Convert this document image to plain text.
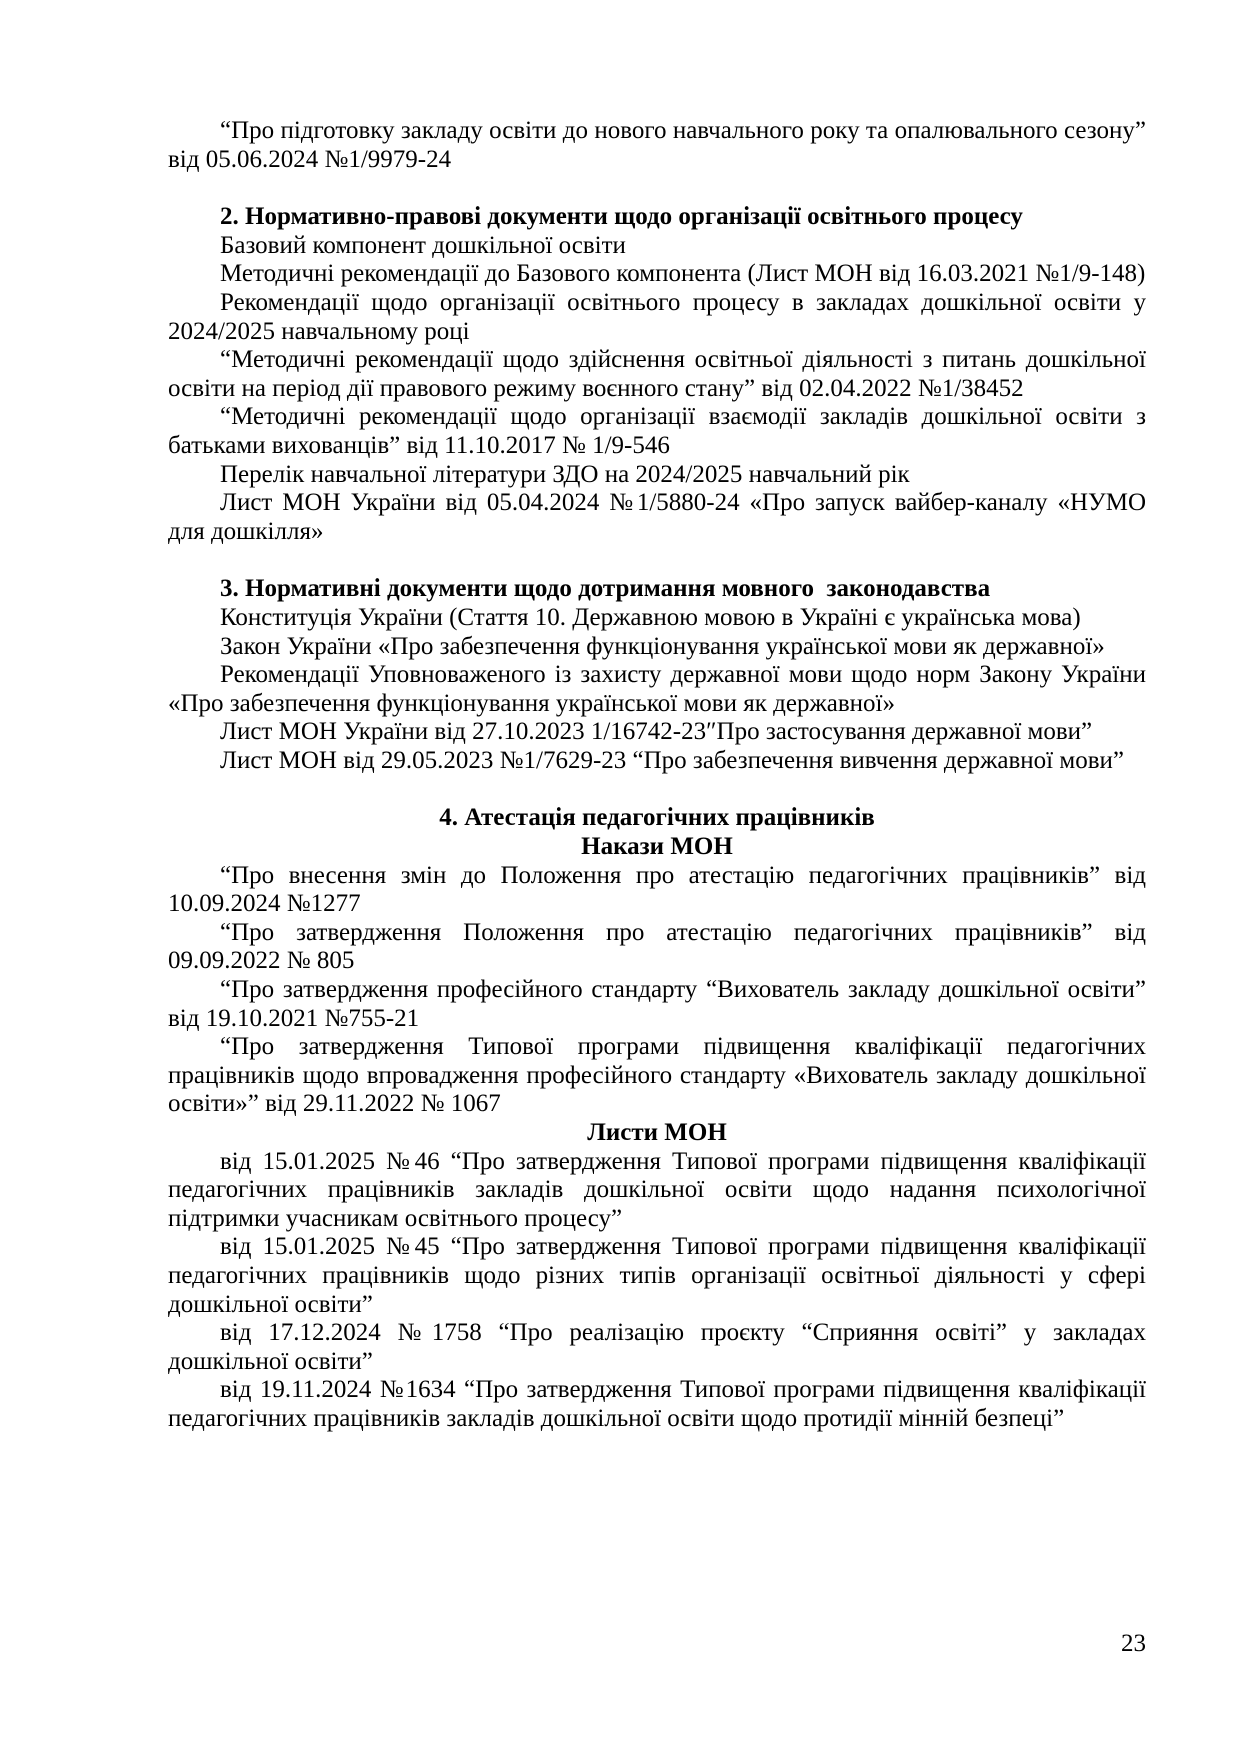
“Про підготовку закладу освіти до нового навчального року та опалювального сезону” від 05.06.2024 №1/9979-24

2. Нормативно-правові документи щодо організації освітнього процесу

Базовий компонент дошкільної освіти

Методичні рекомендації до Базового компонента (Лист МОН від 16.03.2021 №1/9-148)

Рекомендації щодо організації освітнього процесу в закладах дошкільної освіти у 2024/2025 навчальному році

“Методичні рекомендації щодо здійснення освітньої діяльності з питань дошкільної освіти на період дії правового режиму воєнного стану” від 02.04.2022 №1/38452

“Методичні рекомендації щодо організації взаємодії закладів дошкільної освіти з батьками вихованців” від 11.10.2017 № 1/9-546

Перелік навчальної літератури ЗДО на 2024/2025 навчальний рік

Лист МОН України від 05.04.2024 №1/5880-24 «Про запуск вайбер-каналу «НУМО для дошкілля»

3. Нормативні документи щодо дотримання мовного  законодавства

Конституція України (Стаття 10. Державною мовою в Україні є українська мова)

Закон України «Про забезпечення функціонування української мови як державної»

Рекомендації Уповноваженого із захисту державної мови щодо норм Закону України «Про забезпечення функціонування української мови як державної»

Лист МОН України від 27.10.2023 1/16742-23″Про застосування державної мови”

Лист МОН від 29.05.2023 №1/7629-23 “Про забезпечення вивчення державної мови”

4. Атестація педагогічних працівників

Накази МОН

“Про внесення змін до Положення про атестацію педагогічних працівників” від 10.09.2024 №1277

“Про затвердження Положення про атестацію педагогічних працівників” від 09.09.2022 № 805

“Про затвердження професійного стандарту “Вихователь закладу дошкільної освіти” від 19.10.2021 №755-21

“Про затвердження Типової програми підвищення кваліфікації педагогічних працівників щодо впровадження професійного стандарту «Вихователь закладу дошкільної освіти»” від 29.11.2022 № 1067

Листи МОН

від 15.01.2025 №46 “Про затвердження Типової програми підвищення кваліфікації педагогічних працівників закладів дошкільної освіти щодо надання психологічної підтримки учасникам освітнього процесу”

від 15.01.2025 №45 “Про затвердження Типової програми підвищення кваліфікації педагогічних працівників щодо різних типів організації освітньої діяльності у сфері дошкільної освіти”

від 17.12.2024 №1758 “Про реалізацію проєкту “Сприяння освіті” у закладах дошкільної освіти”

від 19.11.2024 №1634 “Про затвердження Типової програми підвищення кваліфікації педагогічних працівників закладів дошкільної освіти щодо протидії мінній безпеці”

23
